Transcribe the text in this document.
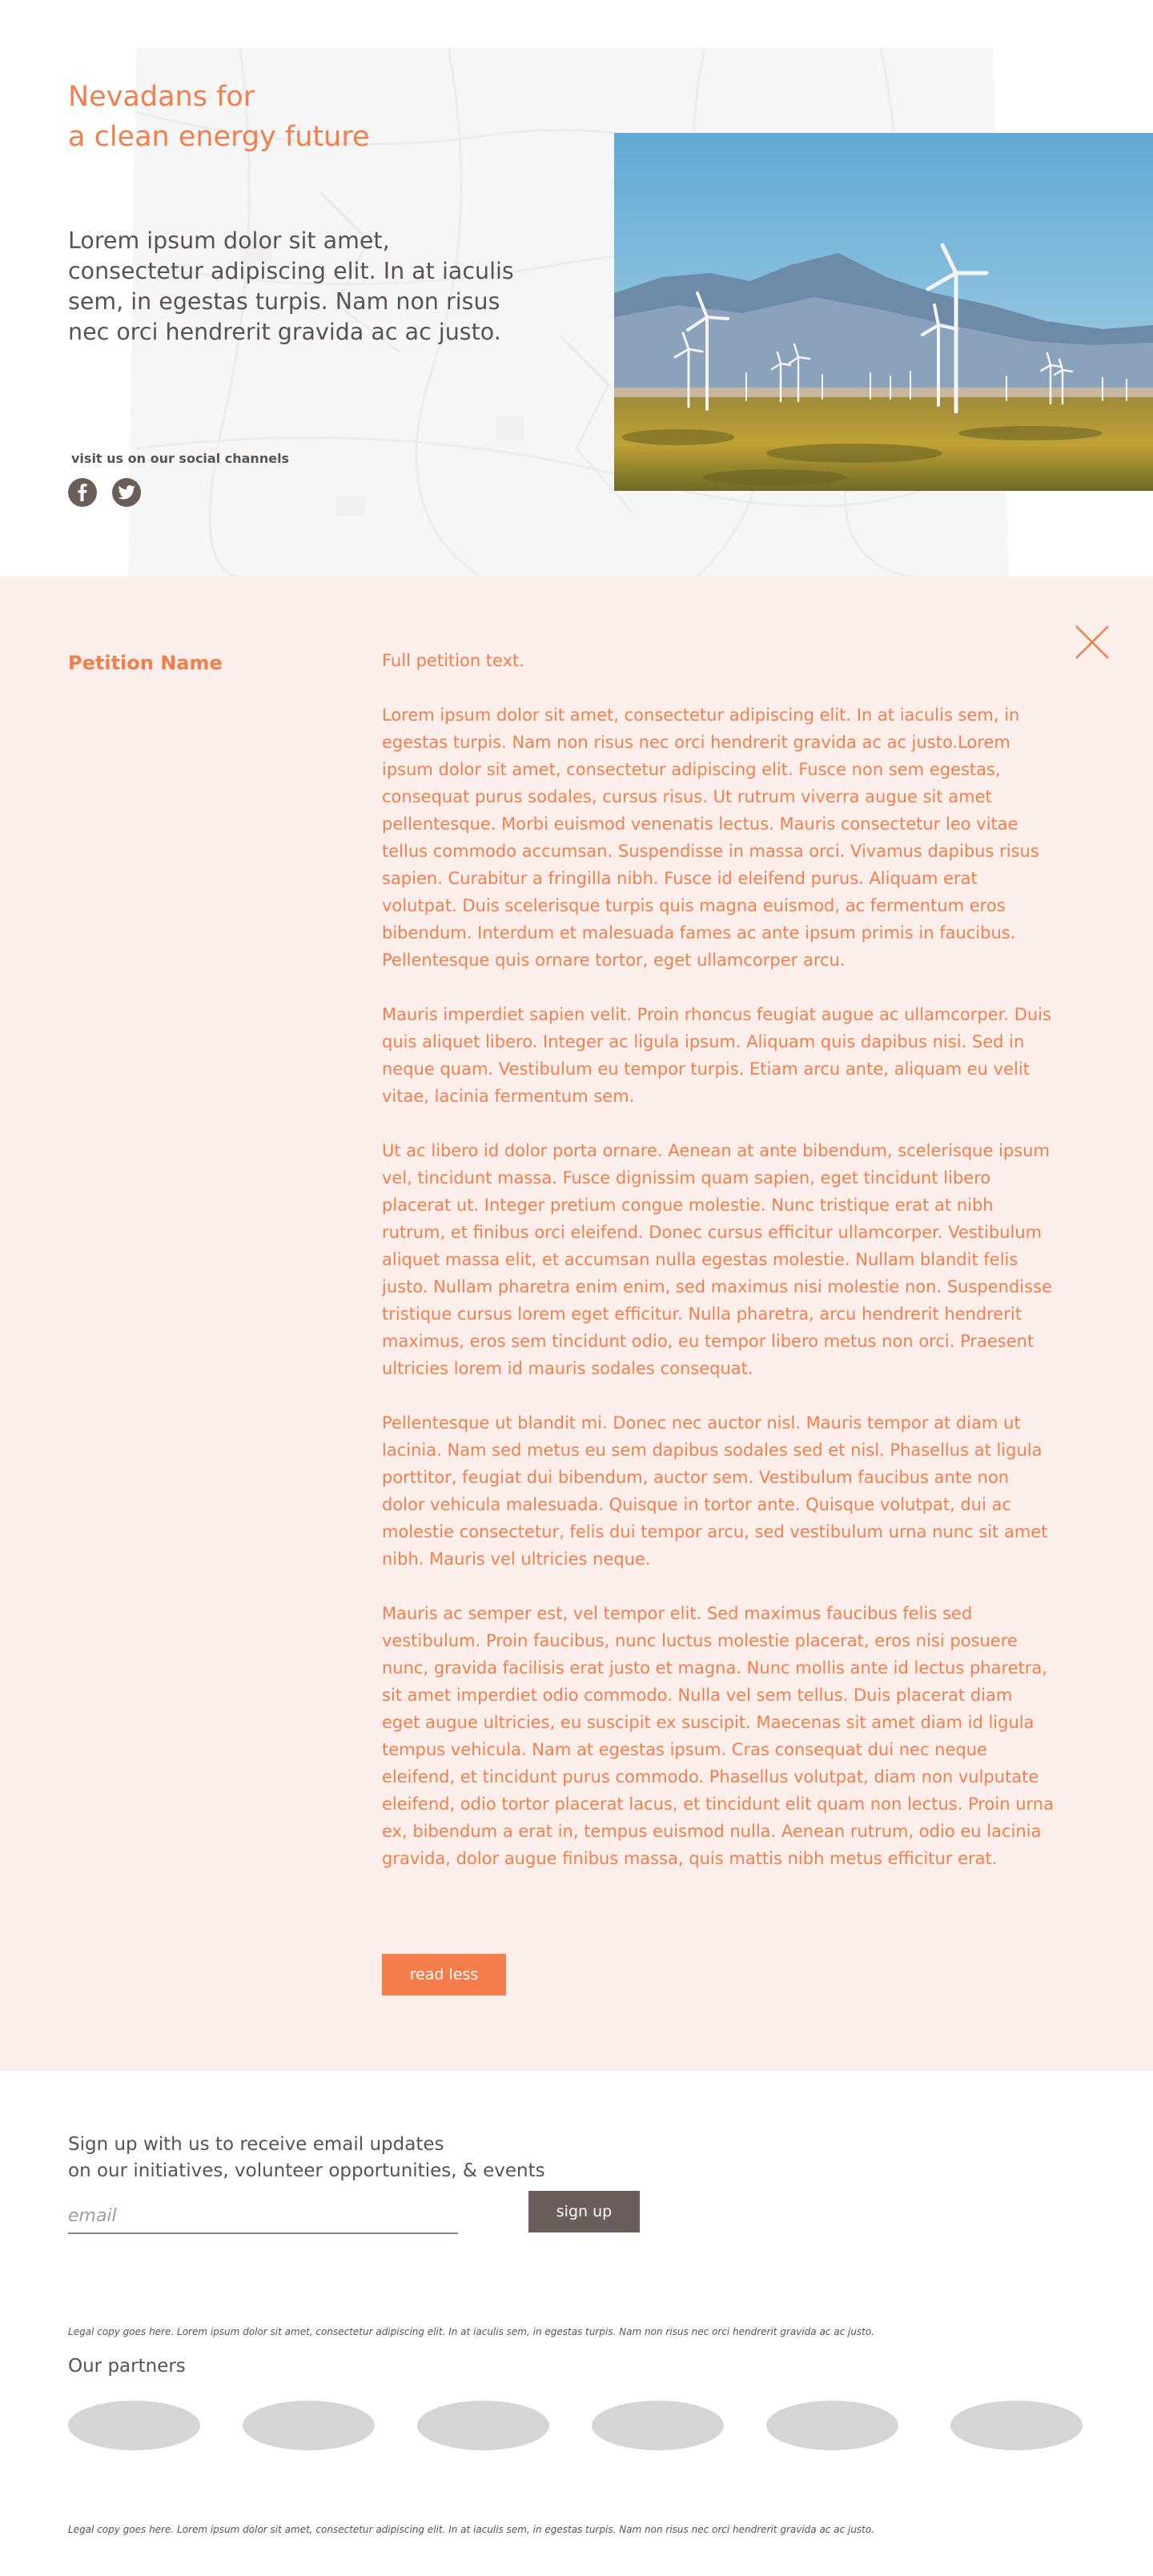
Nevadans for
a clean energy future

Lorem ipsum dolor sit amet, consectetur adipiscing elit. In at iaculis sem, in egestas turpis. Nam non risus nec orci hendrerit gravida ac ac justo.

visit us on our social channels
Petition Name	Full petition text.

Lorem ipsum dolor sit amet, consectetur adipiscing elit. In at iaculis sem, in egestas turpis. Nam non risus nec orci hendrerit gravida ac ac justo.Lorem ipsum dolor sit amet, consectetur adipiscing elit. Fusce non sem egestas, consequat purus sodales, cursus risus. Ut rutrum viverra augue sit amet pellentesque. Morbi euismod venenatis lectus. Mauris consectetur leo vitae tellus commodo accumsan. Suspendisse in massa orci. Vivamus dapibus risus sapien. Curabitur a fringilla nibh. Fusce id eleifend purus. Aliquam erat volutpat. Duis scelerisque turpis quis magna euismod, ac fermentum eros bibendum. Interdum et malesuada fames ac ante ipsum primis in faucibus. Pellentesque quis ornare tortor, eget ullamcorper arcu.

Mauris imperdiet sapien velit. Proin rhoncus feugiat augue ac ullamcorper. Duis quis aliquet libero. Integer ac ligula ipsum. Aliquam quis dapibus nisi. Sed in neque quam. Vestibulum eu tempor turpis. Etiam arcu ante, aliquam eu velit vitae, lacinia fermentum sem.

Ut ac libero id dolor porta ornare. Aenean at ante bibendum, scelerisque ipsum vel, tincidunt massa. Fusce dignissim quam sapien, eget tincidunt libero placerat ut. Integer pretium congue molestie. Nunc tristique erat at nibh rutrum, et finibus orci eleifend. Donec cursus efficitur ullamcorper. Vestibulum aliquet massa elit, et accumsan nulla egestas molestie. Nullam blandit felis justo. Nullam pharetra enim enim, sed maximus nisi molestie non. Suspendisse tristique cursus lorem eget efficitur. Nulla pharetra, arcu hendrerit hendrerit maximus, eros sem tincidunt odio, eu tempor libero metus non orci. Praesent ultricies lorem id mauris sodales consequat.

Pellentesque ut blandit mi. Donec nec auctor nisl. Mauris tempor at diam ut lacinia. Nam sed metus eu sem dapibus sodales sed et nisl. Phasellus at ligula porttitor, feugiat dui bibendum, auctor sem. Vestibulum faucibus ante non dolor vehicula malesuada. Quisque in tortor ante. Quisque volutpat, dui ac molestie consectetur, felis dui tempor arcu, sed vestibulum urna nunc sit amet nibh. Mauris vel ultricies neque.

Mauris ac semper est, vel tempor elit. Sed maximus faucibus felis sed vestibulum. Proin faucibus, nunc luctus molestie placerat, eros nisi posuere nunc, gravida facilisis erat justo et magna. Nunc mollis ante id lectus pharetra, sit amet imperdiet odio commodo. Nulla vel sem tellus. Duis placerat diam eget augue ultricies, eu suscipit ex suscipit. Maecenas sit amet diam id ligula tempus vehicula. Nam at egestas ipsum. Cras consequat dui nec neque eleifend, et tincidunt purus commodo. Phasellus volutpat, diam non vulputate eleifend, odio tortor placerat lacus, et tincidunt elit quam non lectus. Proin urna ex, bibendum a erat in, tempus euismod nulla. Aenean rutrum, odio eu lacinia gravida, dolor augue finibus massa, quis mattis nibh metus efficitur erat.

read less
Sign up with us to receive email updates
on our initiatives, volunteer opportunities, & events
email
sign up
Legal copy goes here. Lorem ipsum dolor sit amet, consectetur adipiscing elit. In at iaculis sem, in egestas turpis. Nam non risus nec orci hendrerit gravida ac ac justo.
Our partners
Legal copy goes here. Lorem ipsum dolor sit amet, consectetur adipiscing elit. In at iaculis sem, in egestas turpis. Nam non risus nec orci hendrerit gravida ac ac justo.
